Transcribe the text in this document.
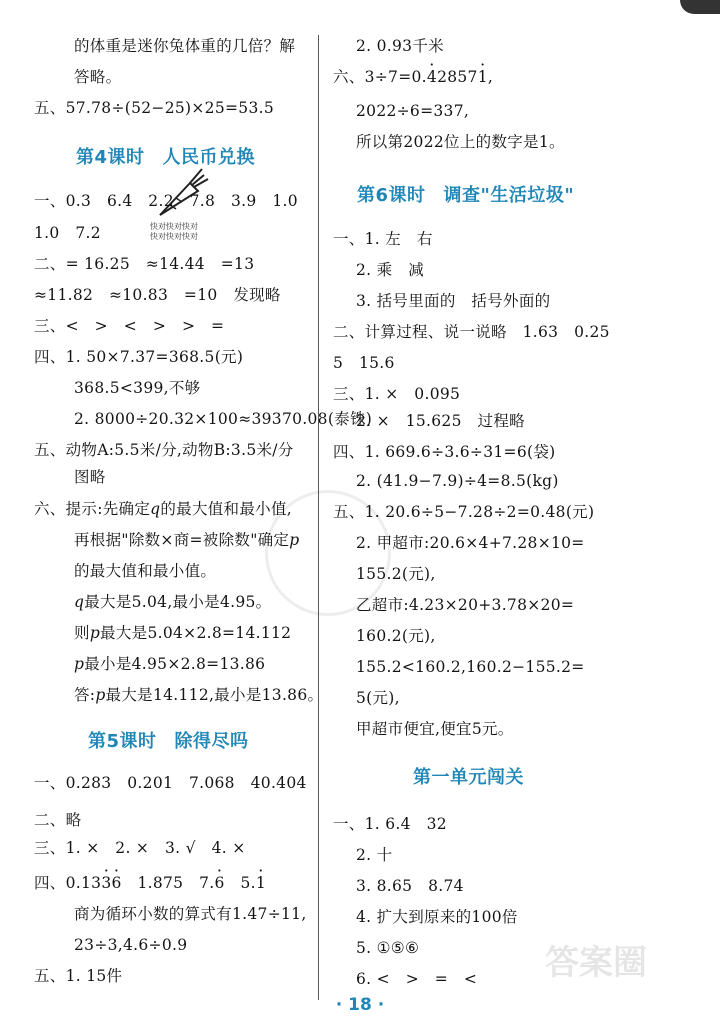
的体重是迷你兔体重的几倍？解
答略。
五、57.78÷(52−25)×25=53.5
第4课时 人民币兑换
一、0.3　6.4　2.2　7.8　3.9　1.0
快对快对快对
快对快对快对
1.0　7.2
二、= 16.25　≈14.44　=13
≈11.82　≈10.83　=10　发现略
三、<　>　<　>　>　=
四、1. 50×7.37=368.5(元)
368.5<399,不够
2. 8000÷20.32×100≈39370.08(泰铢)
五、动物A:5.5米/分,动物B:3.5米/分
图略
六、提示:先确定q的最大值和最小值,
再根据"除数×商=被除数"确定p
的最大值和最小值。
q最大是5.04,最小是4.95。
则p最大是5.04×2.8=14.112
p最小是4.95×2.8=13.86
答:p最大是14.112,最小是13.86。
第5课时 除得尽吗
一、0.283　0.201　7.068　40.404
二、略
三、1. ×　2. ×　3. √　4. ×
四、0.13· 3· 6　1.875　7.· 6　5.· 1
商为循环小数的算式有1.47÷11,
23÷3,4.6÷0.9
五、1. 15件
2. 0.93千米
六、3÷7=0.· 42857· 1,
2022÷6=337,
所以第2022位上的数字是1。
第6课时 调查"生活垃圾"
一、1. 左　右
2. 乘　减
3. 括号里面的　括号外面的
二、计算过程、说一说略　1.63　0.25
5　15.6
三、1. ×　0.095
2. ×　15.625　过程略
四、1. 669.6÷3.6÷31=6(袋)
2. (41.9−7.9)÷4=8.5(kg)
五、1. 20.6÷5−7.28÷2=0.48(元)
2. 甲超市:20.6×4+7.28×10=
155.2(元),
乙超市:4.23×20+3.78×20=
160.2(元),
155.2<160.2,160.2−155.2=
5(元),
甲超市便宜,便宜5元。
第一单元闯关
一、1. 6.4　32
2. 十
3. 8.65　8.74
4. 扩大到原来的100倍
5. ①⑤⑥
6. <　>　=　< 答案圈
· 18 ·
